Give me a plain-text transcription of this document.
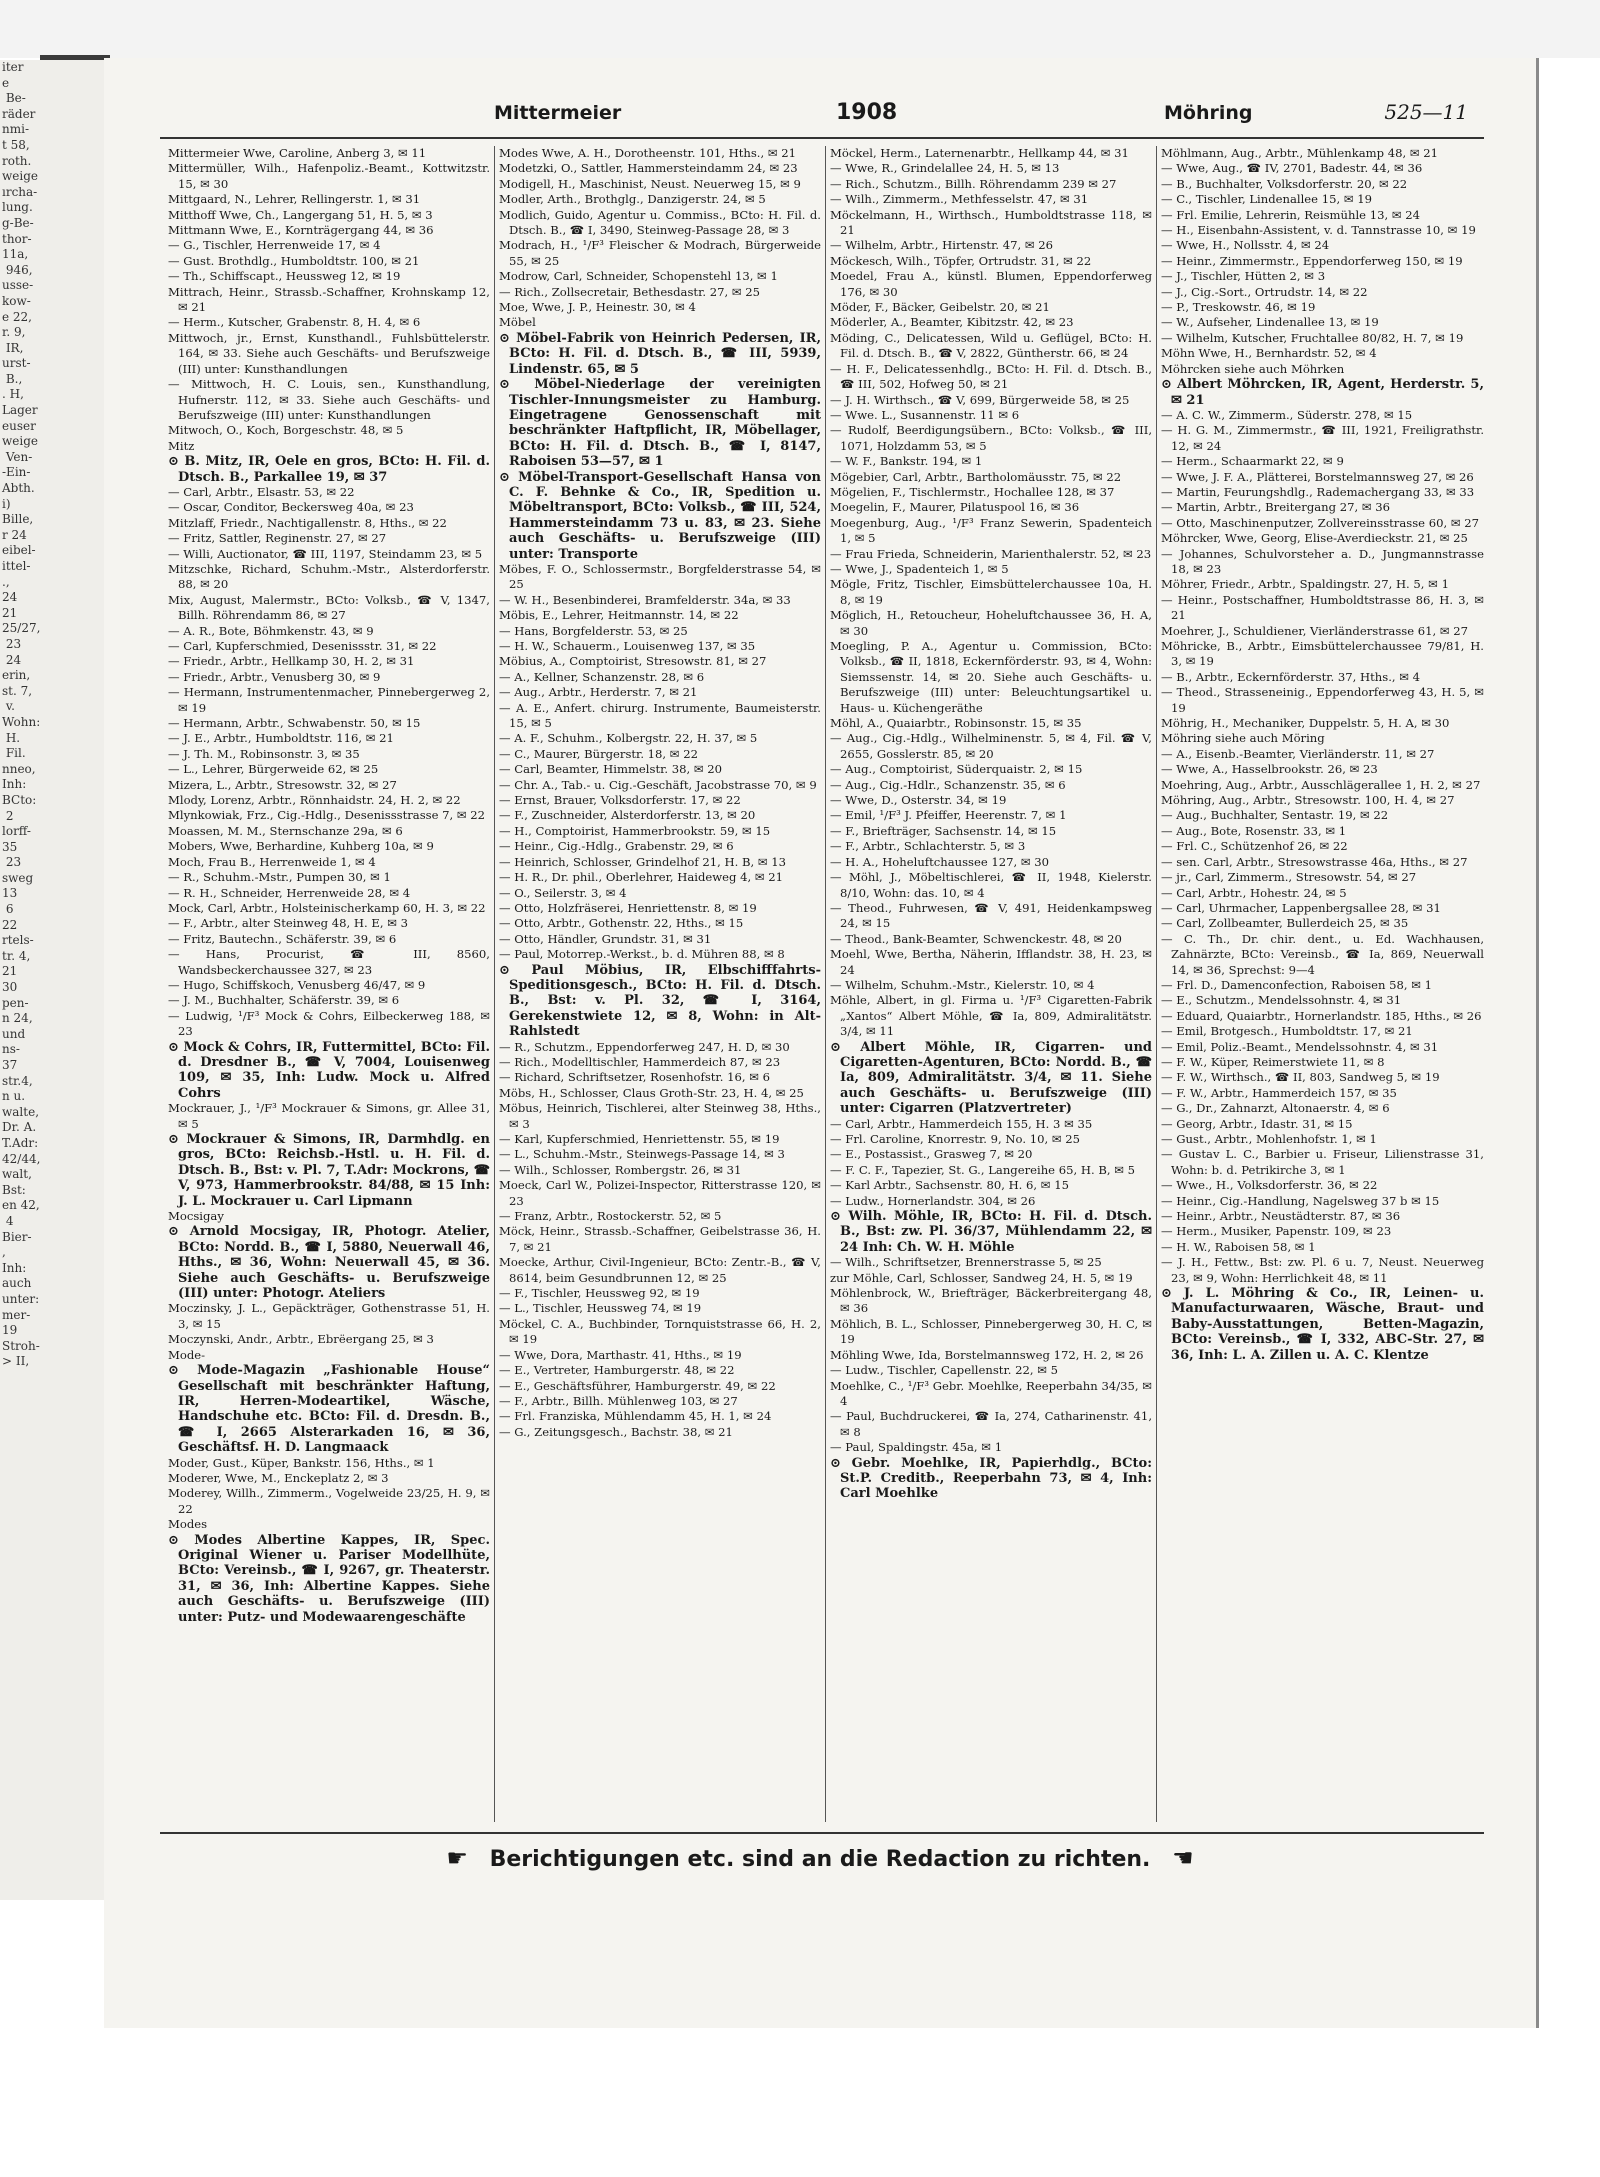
iter
e
Be-
räder
nmi-
t 58,
roth.
weige
ırcha-
lung.
g-Be-
thor-
11a,
946,
usse-
kow-
e 22,
r. 9,
IR,
urst-
B.,
. H,
Lager
euser
weige
Ven-
-Ein-
Abth.
i)
Bille,
r 24
eibel-
ittel-
.,
24
21
25/27,
23
24
erin,
st. 7,
v.
Wohn:
H.
Fil.
nneo,
Inh:
BCto:
2
lorff-
35
23
sweg
13
6
22
rtels-
tr. 4,
21
30
pen-
n 24,
und
ns-
37
str.4,
n u.
walte,
Dr. A.
T.Adr:
42/44,
walt,
Bst:
en 42,
4
Bier-
,
Inh:
auch
unter:
mer-
19
Stroh-
> II,
Mittermeier	1908	Möhring	525—11

Mittermeier Wwe, Caroline, Anberg 3, ✉ 11

Mittermüller, Wilh., Hafenpoliz.-Beamt., Kottwitzstr. 15, ✉ 30

Mittgaard, N., Lehrer, Rellingerstr. 1, ✉ 31

Mitthoff Wwe, Ch., Langergang 51, H. 5, ✉ 3

Mittmann Wwe, E., Kornträgergang 44, ✉ 36

— G., Tischler, Herrenweide 17, ✉ 4

— Gust. Brothdlg., Humboldtstr. 100, ✉ 21

— Th., Schiffscapt., Heussweg 12, ✉ 19

Mittrach, Heinr., Strassb.-Schaffner, Krohnskamp 12, ✉ 21

— Herm., Kutscher, Grabenstr. 8, H. 4, ✉ 6

Mittwoch, jr., Ernst, Kunsthandl., Fuhlsbüttelerstr. 164, ✉ 33. Siehe auch Geschäfts- und Berufszweige (III) unter: Kunsthandlungen

— Mittwoch, H. C. Louis, sen., Kunsthandlung, Hufnerstr. 112, ✉ 33. Siehe auch Geschäfts- und Berufszweige (III) unter: Kunsthandlungen

Mitwoch, O., Koch, Borgeschstr. 48, ✉ 5

Mitz

⊙ B. Mitz, IR, Oele en gros, BCto: H. Fil. d. Dtsch. B., Parkallee 19, ✉ 37

— Carl, Arbtr., Elsastr. 53, ✉ 22

— Oscar, Conditor, Beckersweg 40a, ✉ 23

Mitzlaff, Friedr., Nachtigallenstr. 8, Hths., ✉ 22

— Fritz, Sattler, Reginenstr. 27, ✉ 27

— Willi, Auctionator, ☎ III, 1197, Steindamm 23, ✉ 5

Mitzschke, Richard, Schuhm.-Mstr., Alsterdorferstr. 88, ✉ 20

Mix, August, Malermstr., BCto: Volksb., ☎ V, 1347, Billh. Röhrendamm 86, ✉ 27

— A. R., Bote, Böhmkenstr. 43, ✉ 9

— Carl, Kupferschmied, Desenissstr. 31, ✉ 22

— Friedr., Arbtr., Hellkamp 30, H. 2, ✉ 31

— Friedr., Arbtr., Venusberg 30, ✉ 9

— Hermann, Instrumentenmacher, Pinnebergerweg 2, ✉ 19

— Hermann, Arbtr., Schwabenstr. 50, ✉ 15

— J. E., Arbtr., Humboldtstr. 116, ✉ 21

— J. Th. M., Robinsonstr. 3, ✉ 35

— L., Lehrer, Bürgerweide 62, ✉ 25

Mizera, L., Arbtr., Stresowstr. 32, ✉ 27

Mlody, Lorenz, Arbtr., Rönnhaidstr. 24, H. 2, ✉ 22

Mlynkowiak, Frz., Cig.-Hdlg., Desenissstrasse 7, ✉ 22

Moassen, M. M., Sternschanze 29a, ✉ 6

Mobers, Wwe, Berhardine, Kuhberg 10a, ✉ 9

Moch, Frau B., Herrenweide 1, ✉ 4

— R., Schuhm.-Mstr., Pumpen 30, ✉ 1

— R. H., Schneider, Herrenweide 28, ✉ 4

Mock, Carl, Arbtr., Holsteinischerkamp 60, H. 3, ✉ 22

— F., Arbtr., alter Steinweg 48, H. E, ✉ 3

— Fritz, Bautechn., Schäferstr. 39, ✉ 6

— Hans, Procurist, ☎ III, 8560, Wandsbeckerchaussee 327, ✉ 23

— Hugo, Schiffskoch, Venusberg 46/47, ✉ 9

— J. M., Buchhalter, Schäferstr. 39, ✉ 6

— Ludwig, ¹/F³ Mock & Cohrs, Eilbeckerweg 188, ✉ 23

⊙ Mock & Cohrs, IR, Futtermittel, BCto: Fil. d. Dresdner B., ☎ V, 7004, Louisenweg 109, ✉ 35, Inh: Ludw. Mock u. Alfred Cohrs

Mockrauer, J., ¹/F³ Mockrauer & Simons, gr. Allee 31, ✉ 5

⊙ Mockrauer & Simons, IR, Darmhdlg. en gros, BCto: Reichsb.-Hstl. u. H. Fil. d. Dtsch. B., Bst: v. Pl. 7, T.Adr: Mockrons, ☎ V, 973, Hammerbrookstr. 84/88, ✉ 15 Inh: J. L. Mockrauer u. Carl Lipmann

Mocsigay

⊙ Arnold Mocsigay, IR, Photogr. Atelier, BCto: Nordd. B., ☎ I, 5880, Neuerwall 46, Hths., ✉ 36, Wohn: Neuerwall 45, ✉ 36. Siehe auch Geschäfts- u. Berufszweige (III) unter: Photogr. Ateliers

Moczinsky, J. L., Gepäckträger, Gothenstrasse 51, H. 3, ✉ 15

Moczynski, Andr., Arbtr., Ebrëergang 25, ✉ 3

Mode-

⊙ Mode-Magazin „Fashionable House“ Gesellschaft mit beschränkter Haftung, IR, Herren-Modeartikel, Wäsche, Handschuhe etc. BCto: Fil. d. Dresdn. B., ☎ I, 2665 Alsterarkaden 16, ✉ 36, Geschäftsf. H. D. Langmaack

Moder, Gust., Küper, Bankstr. 156, Hths., ✉ 1

Moderer, Wwe, M., Enckeplatz 2, ✉ 3

Moderey, Willh., Zimmerm., Vogelweide 23/25, H. 9, ✉ 22

Modes

⊙ Modes Albertine Kappes, IR, Spec. Original Wiener u. Pariser Modellhüte, BCto: Vereinsb., ☎ I, 9267, gr. Theaterstr. 31, ✉ 36, Inh: Albertine Kappes. Siehe auch Geschäfts- u. Berufszweige (III) unter: Putz- und Modewaarengeschäfte

Modes Wwe, A. H., Dorotheenstr. 101, Hths., ✉ 21

Modetzki, O., Sattler, Hammersteindamm 24, ✉ 23

Modigell, H., Maschinist, Neust. Neuerweg 15, ✉ 9

Modler, Arth., Brothglg., Danzigerstr. 24, ✉ 5

Modlich, Guido, Agentur u. Commiss., BCto: H. Fil. d. Dtsch. B., ☎ I, 3490, Steinweg-Passage 28, ✉ 3

Modrach, H., ¹/F³ Fleischer & Modrach, Bürgerweide 55, ✉ 25

Modrow, Carl, Schneider, Schopenstehl 13, ✉ 1

— Rich., Zollsecretair, Bethesdastr. 27, ✉ 25

Moe, Wwe, J. P., Heinestr. 30, ✉ 4

Möbel

⊙ Möbel-Fabrik von Heinrich Pedersen, IR, BCto: H. Fil. d. Dtsch. B., ☎ III, 5939, Lindenstr. 65, ✉ 5

⊙ Möbel-Niederlage der vereinigten Tischler-Innungsmeister zu Hamburg. Eingetragene Genossenschaft mit beschränkter Haftpflicht, IR, Möbellager, BCto: H. Fil. d. Dtsch. B., ☎ I, 8147, Raboisen 53—57, ✉ 1

⊙ Möbel-Transport-Gesellschaft Hansa von C. F. Behnke & Co., IR, Spedition u. Möbeltransport, BCto: Volksb., ☎ III, 524, Hammersteindamm 73 u. 83, ✉ 23. Siehe auch Geschäfts- u. Berufszweige (III) unter: Transporte

Möbes, F. O., Schlossermstr., Borgfelderstrasse 54, ✉ 25

— W. H., Besenbinderei, Bramfelderstr. 34a, ✉ 33

Möbis, E., Lehrer, Heitmannstr. 14, ✉ 22

— Hans, Borgfelderstr. 53, ✉ 25

— H. W., Schauerm., Louisenweg 137, ✉ 35

Möbius, A., Comptoirist, Stresowstr. 81, ✉ 27

— A., Kellner, Schanzenstr. 28, ✉ 6

— Aug., Arbtr., Herderstr. 7, ✉ 21

— A. E., Anfert. chirurg. Instrumente, Baumeisterstr. 15, ✉ 5

— A. F., Schuhm., Kolbergstr. 22, H. 37, ✉ 5

— C., Maurer, Bürgerstr. 18, ✉ 22

— Carl, Beamter, Himmelstr. 38, ✉ 20

— Chr. A., Tab.- u. Cig.-Geschäft, Jacobstrasse 70, ✉ 9

— Ernst, Brauer, Volksdorferstr. 17, ✉ 22

— F., Zuschneider, Alsterdorferstr. 13, ✉ 20

— H., Comptoirist, Hammerbrookstr. 59, ✉ 15

— Heinr., Cig.-Hdlg., Grabenstr. 29, ✉ 6

— Heinrich, Schlosser, Grindelhof 21, H. B, ✉ 13

— H. R., Dr. phil., Oberlehrer, Haideweg 4, ✉ 21

— O., Seilerstr. 3, ✉ 4

— Otto, Holzfräserei, Henriettenstr. 8, ✉ 19

— Otto, Arbtr., Gothenstr. 22, Hths., ✉ 15

— Otto, Händler, Grundstr. 31, ✉ 31

— Paul, Motorrep.-Werkst., b. d. Mühren 88, ✉ 8

⊙ Paul Möbius, IR, Elbschifffahrts-Speditionsgesch., BCto: H. Fil. d. Dtsch. B., Bst: v. Pl. 32, ☎ I, 3164, Gerekenstwiete 12, ✉ 8, Wohn: in Alt-Rahlstedt

— R., Schutzm., Eppendorferweg 247, H. D, ✉ 30

— Rich., Modelltischler, Hammerdeich 87, ✉ 23

— Richard, Schriftsetzer, Rosenhofstr. 16, ✉ 6

Möbs, H., Schlosser, Claus Groth-Str. 23, H. 4, ✉ 25

Möbus, Heinrich, Tischlerei, alter Steinweg 38, Hths., ✉ 3

— Karl, Kupferschmied, Henriettenstr. 55, ✉ 19

— L., Schuhm.-Mstr., Steinwegs-Passage 14, ✉ 3

— Wilh., Schlosser, Rombergstr. 26, ✉ 31

Moeck, Carl W., Polizei-Inspector, Ritterstrasse 120, ✉ 23

— Franz, Arbtr., Rostockerstr. 52, ✉ 5

Möck, Heinr., Strassb.-Schaffner, Geibelstrasse 36, H. 7, ✉ 21

Moecke, Arthur, Civil-Ingenieur, BCto: Zentr.-B., ☎ V, 8614, beim Gesundbrunnen 12, ✉ 25

— F., Tischler, Heussweg 92, ✉ 19

— L., Tischler, Heussweg 74, ✉ 19

Möckel, C. A., Buchbinder, Tornquiststrasse 66, H. 2, ✉ 19

— Wwe, Dora, Marthastr. 41, Hths., ✉ 19

— E., Vertreter, Hamburgerstr. 48, ✉ 22

— E., Geschäftsführer, Hamburgerstr. 49, ✉ 22

— F., Arbtr., Billh. Mühlenweg 103, ✉ 27

— Frl. Franziska, Mühlendamm 45, H. 1, ✉ 24

— G., Zeitungsgesch., Bachstr. 38, ✉ 21

Möckel, Herm., Laternenarbtr., Hellkamp 44, ✉ 31

— Wwe, R., Grindelallee 24, H. 5, ✉ 13

— Rich., Schutzm., Billh. Röhrendamm 239 ✉ 27

— Wilh., Zimmerm., Methfesselstr. 47, ✉ 31

Möckelmann, H., Wirthsch., Humboldtstrasse 118, ✉ 21

— Wilhelm, Arbtr., Hirtenstr. 47, ✉ 26

Möckesch, Wilh., Töpfer, Ortrudstr. 31, ✉ 22

Moedel, Frau A., künstl. Blumen, Eppendorferweg 176, ✉ 30

Möder, F., Bäcker, Geibelstr. 20, ✉ 21

Möderler, A., Beamter, Kibitzstr. 42, ✉ 23

Möding, C., Delicatessen, Wild u. Geflügel, BCto: H. Fil. d. Dtsch. B., ☎ V, 2822, Güntherstr. 66, ✉ 24

— H. F., Delicatessenhdlg., BCto: H. Fil. d. Dtsch. B., ☎ III, 502, Hofweg 50, ✉ 21

— J. H. Wirthsch., ☎ V, 699, Bürgerweide 58, ✉ 25

— Wwe. L., Susannenstr. 11 ✉ 6

— Rudolf, Beerdigungsübern., BCto: Volksb., ☎ III, 1071, Holzdamm 53, ✉ 5

— W. F., Bankstr. 194, ✉ 1

Mögebier, Carl, Arbtr., Bartholomäusstr. 75, ✉ 22

Mögelien, F., Tischlermstr., Hochallee 128, ✉ 37

Moegelin, F., Maurer, Pilatuspool 16, ✉ 36

Moegenburg, Aug., ¹/F³ Franz Sewerin, Spadenteich 1, ✉ 5

— Frau Frieda, Schneiderin, Marienthalerstr. 52, ✉ 23

— Wwe, J., Spadenteich 1, ✉ 5

Mögle, Fritz, Tischler, Eimsbüttelerchaussee 10a, H. 8, ✉ 19

Möglich, H., Retoucheur, Hoheluftchaussee 36, H. A, ✉ 30

Moegling, P. A., Agentur u. Commission, BCto: Volksb., ☎ II, 1818, Eckernförderstr. 93, ✉ 4, Wohn: Siemssenstr. 14, ✉ 20. Siehe auch Geschäfts- u. Berufszweige (III) unter: Beleuchtungsartikel u. Haus- u. Küchengeräthe

Möhl, A., Quaiarbtr., Robinsonstr. 15, ✉ 35

— Aug., Cig.-Hdlg., Wilhelminenstr. 5, ✉ 4, Fil. ☎ V, 2655, Gosslerstr. 85, ✉ 20

— Aug., Comptoirist, Süderquaistr. 2, ✉ 15

— Aug., Cig.-Hdlr., Schanzenstr. 35, ✉ 6

— Wwe, D., Osterstr. 34, ✉ 19

— Emil, ¹/F³ J. Pfeiffer, Heerenstr. 7, ✉ 1

— F., Briefträger, Sachsenstr. 14, ✉ 15

— F., Arbtr., Schlachterstr. 5, ✉ 3

— H. A., Hoheluftchaussee 127, ✉ 30

— Möhl, J., Möbeltischlerei, ☎ II, 1948, Kielerstr. 8/10, Wohn: das. 10, ✉ 4

— Theod., Fuhrwesen, ☎ V, 491, Heidenkampsweg 24, ✉ 15

— Theod., Bank-Beamter, Schwenckestr. 48, ✉ 20

Moehl, Wwe, Bertha, Näherin, Ifflandstr. 38, H. 23, ✉ 24

— Wilhelm, Schuhm.-Mstr., Kielerstr. 10, ✉ 4

Möhle, Albert, in gl. Firma u. ¹/F³ Cigaretten-Fabrik „Xantos“ Albert Möhle, ☎ Ia, 809, Admiralitätstr. 3/4, ✉ 11

⊙ Albert Möhle, IR, Cigarren- und Cigaretten-Agenturen, BCto: Nordd. B., ☎ Ia, 809, Admiralitätstr. 3/4, ✉ 11. Siehe auch Geschäfts- u. Berufszweige (III) unter: Cigarren (Platzvertreter)

— Carl, Arbtr., Hammerdeich 155, H. 3 ✉ 35

— Frl. Caroline, Knorrestr. 9, No. 10, ✉ 25

— E., Postassist., Grasweg 7, ✉ 20

— F. C. F., Tapezier, St. G., Langereihe 65, H. B, ✉ 5

— Karl Arbtr., Sachsenstr. 80, H. 6, ✉ 15

— Ludw., Hornerlandstr. 304, ✉ 26

⊙ Wilh. Möhle, IR, BCto: H. Fil. d. Dtsch. B., Bst: zw. Pl. 36/37, Mühlendamm 22, ✉ 24 Inh: Ch. W. H. Möhle

— Wilh., Schriftsetzer, Brennerstrasse 5, ✉ 25

zur Möhle, Carl, Schlosser, Sandweg 24, H. 5, ✉ 19

Möhlenbrock, W., Briefträger, Bäckerbreitergang 48, ✉ 36

Möhlich, B. L., Schlosser, Pinnebergerweg 30, H. C, ✉ 19

Möhling Wwe, Ida, Borstelmannsweg 172, H. 2, ✉ 26

— Ludw., Tischler, Capellenstr. 22, ✉ 5

Moehlke, C., ¹/F³ Gebr. Moehlke, Reeperbahn 34/35, ✉ 4

— Paul, Buchdruckerei, ☎ Ia, 274, Catharinenstr. 41, ✉ 8

— Paul, Spaldingstr. 45a, ✉ 1

⊙ Gebr. Moehlke, IR, Papierhdlg., BCto: St.P. Creditb., Reeperbahn 73, ✉ 4, Inh: Carl Moehlke

Möhlmann, Aug., Arbtr., Mühlenkamp 48, ✉ 21

— Wwe, Aug., ☎ IV, 2701, Badestr. 44, ✉ 36

— B., Buchhalter, Volksdorferstr. 20, ✉ 22

— C., Tischler, Lindenallee 15, ✉ 19

— Frl. Emilie, Lehrerin, Reismühle 13, ✉ 24

— H., Eisenbahn-Assistent, v. d. Tannstrasse 10, ✉ 19

— Wwe, H., Nollsstr. 4, ✉ 24

— Heinr., Zimmermstr., Eppendorferweg 150, ✉ 19

— J., Tischler, Hütten 2, ✉ 3

— J., Cig.-Sort., Ortrudstr. 14, ✉ 22

— P., Treskowstr. 46, ✉ 19

— W., Aufseher, Lindenallee 13, ✉ 19

— Wilhelm, Kutscher, Fruchtallee 80/82, H. 7, ✉ 19

Möhn Wwe, H., Bernhardstr. 52, ✉ 4

Möhrcken siehe auch Möhrken

⊙ Albert Möhrcken, IR, Agent, Herderstr. 5, ✉ 21

— A. C. W., Zimmerm., Süderstr. 278, ✉ 15

— H. G. M., Zimmermstr., ☎ III, 1921, Freiligrathstr. 12, ✉ 24

— Herm., Schaarmarkt 22, ✉ 9

— Wwe, J. F. A., Plätterei, Borstelmannsweg 27, ✉ 26

— Martin, Feurungshdlg., Rademachergang 33, ✉ 33

— Martin, Arbtr., Breitergang 27, ✉ 36

— Otto, Maschinenputzer, Zollvereinsstrasse 60, ✉ 27

Möhrcker, Wwe, Georg, Elise-Averdieckstr. 21, ✉ 25

— Johannes, Schulvorsteher a. D., Jungmannstrasse 18, ✉ 23

Möhrer, Friedr., Arbtr., Spaldingstr. 27, H. 5, ✉ 1

— Heinr., Postschaffner, Humboldtstrasse 86, H. 3, ✉ 21

Moehrer, J., Schuldiener, Vierländerstrasse 61, ✉ 27

Möhricke, B., Arbtr., Eimsbüttelerchaussee 79/81, H. 3, ✉ 19

— B., Arbtr., Eckernförderstr. 37, Hths., ✉ 4

— Theod., Strasseneinig., Eppendorferweg 43, H. 5, ✉ 19

Möhrig, H., Mechaniker, Duppelstr. 5, H. A, ✉ 30

Möhring siehe auch Möring

— A., Eisenb.-Beamter, Vierländerstr. 11, ✉ 27

— Wwe, A., Hasselbrookstr. 26, ✉ 23

Moehring, Aug., Arbtr., Ausschlägerallee 1, H. 2, ✉ 27

Möhring, Aug., Arbtr., Stresowstr. 100, H. 4, ✉ 27

— Aug., Buchhalter, Sentastr. 19, ✉ 22

— Aug., Bote, Rosenstr. 33, ✉ 1

— Frl. C., Schützenhof 26, ✉ 22

— sen. Carl, Arbtr., Stresowstrasse 46a, Hths., ✉ 27

— jr., Carl, Zimmerm., Stresowstr. 54, ✉ 27

— Carl, Arbtr., Hohestr. 24, ✉ 5

— Carl, Uhrmacher, Lappenbergsallee 28, ✉ 31

— Carl, Zollbeamter, Bullerdeich 25, ✉ 35

— C. Th., Dr. chir. dent., u. Ed. Wachhausen, Zahnärzte, BCto: Vereinsb., ☎ Ia, 869, Neuerwall 14, ✉ 36, Sprechst: 9—4

— Frl. D., Damenconfection, Raboisen 58, ✉ 1

— E., Schutzm., Mendelssohnstr. 4, ✉ 31

— Eduard, Quaiarbtr., Hornerlandstr. 185, Hths., ✉ 26

— Emil, Brotgesch., Humboldtstr. 17, ✉ 21

— Emil, Poliz.-Beamt., Mendelssohnstr. 4, ✉ 31

— F. W., Küper, Reimerstwiete 11, ✉ 8

— F. W., Wirthsch., ☎ II, 803, Sandweg 5, ✉ 19

— F. W., Arbtr., Hammerdeich 157, ✉ 35

— G., Dr., Zahnarzt, Altonaerstr. 4, ✉ 6

— Georg, Arbtr., Idastr. 31, ✉ 15

— Gust., Arbtr., Mohlenhofstr. 1, ✉ 1

— Gustav L. C., Barbier u. Friseur, Lilienstrasse 31, Wohn: b. d. Petrikirche 3, ✉ 1

— Wwe., H., Volksdorferstr. 36, ✉ 22

— Heinr., Cig.-Handlung, Nagelsweg 37 b ✉ 15

— Heinr., Arbtr., Neustädterstr. 87, ✉ 36

— Herm., Musiker, Papenstr. 109, ✉ 23

— H. W., Raboisen 58, ✉ 1

— J. H., Fettw., Bst: zw. Pl. 6 u. 7, Neust. Neuerweg 23, ✉ 9, Wohn: Herrlichkeit 48, ✉ 11

⊙ J. L. Möhring & Co., IR, Leinen- u. Manufacturwaaren, Wäsche, Braut- und Baby-Ausstattungen, Betten-Magazin, BCto: Vereinsb., ☎ I, 332, ABC-Str. 27, ✉ 36, Inh: L. A. Zillen u. A. C. Klentze

☛ Berichtigungen etc. sind an die Redaction zu richten. ☚
